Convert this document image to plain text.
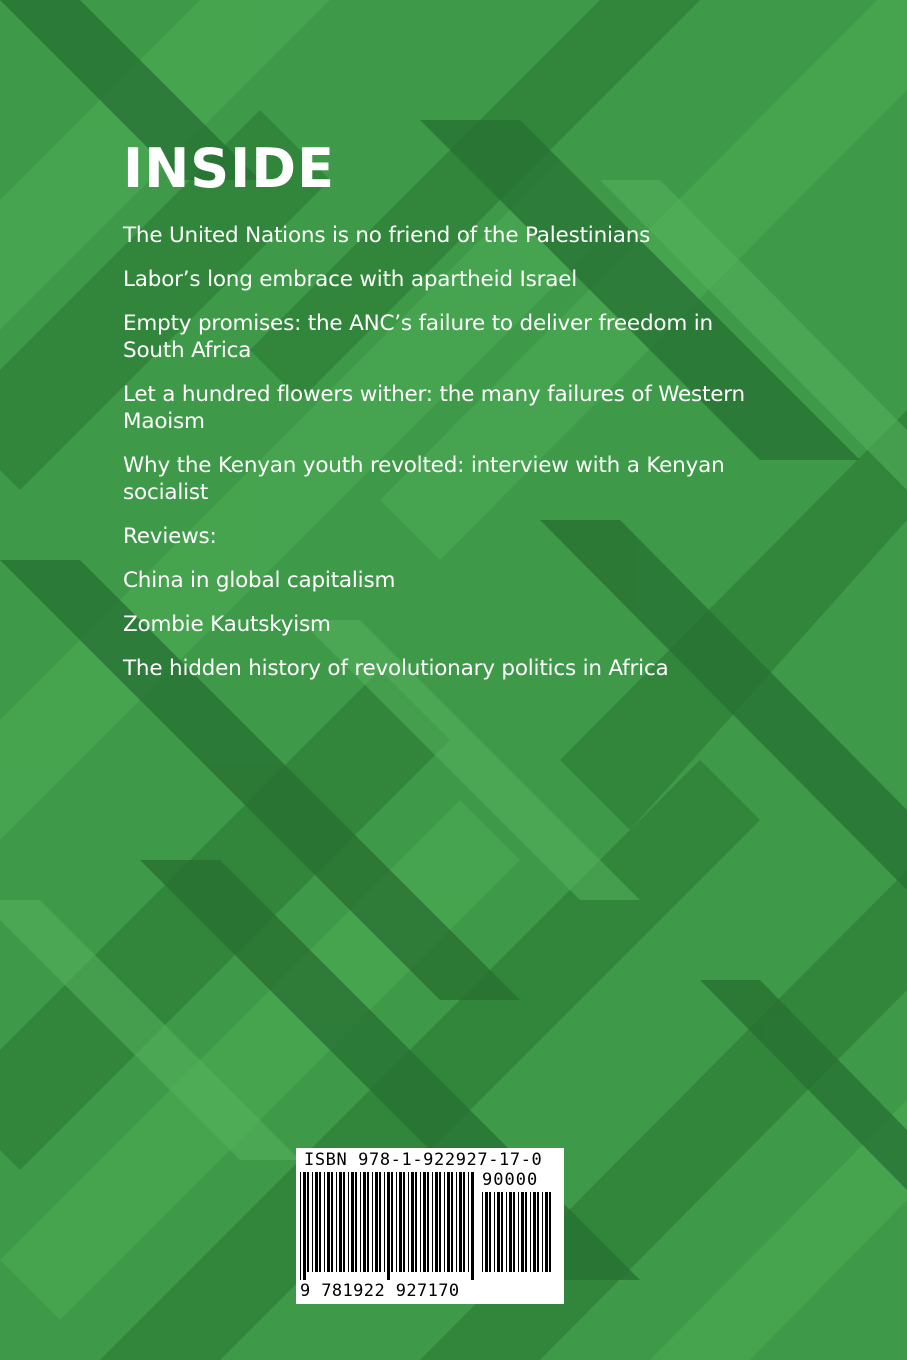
INSIDE
The United Nations is no friend of the Palestinians
Labor’s long embrace with apartheid Israel
Empty promises: the ANC’s failure to deliver freedom in South Africa
Let a hundred flowers wither: the many failures of Western Maoism
Why the Kenyan youth revolted: interview with a Kenyan socialist
Reviews:
China in global capitalism
Zombie Kautskyism
The hidden history of revolutionary politics in Africa
ISBN 978-1-922927-17-0
90000
9 781922 927170
